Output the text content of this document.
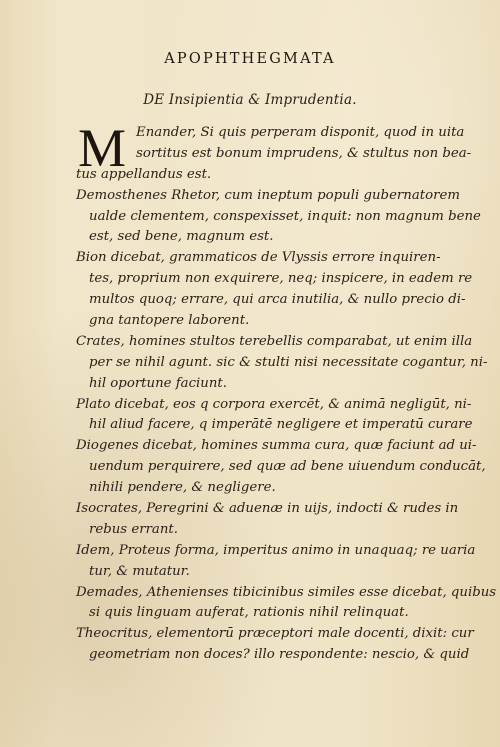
APOPHTHEGMATA
DE Insipientia & Imprudentia.
M Enander, Si quis perperam disponit, quod in uita
sortitus est bonum imprudens, & stultus non bea-
tus appellandus est.
Demosthenes Rhetor, cum ineptum populi gubernatorem
ualde clementem, conspexisset, inquit: non magnum bene
est, sed bene, magnum est.
Bion dicebat, grammaticos de Vlyssis errore inquiren-
tes, proprium non exquirere, neq; inspicere, in eadem re
multos quoq; errare, qui arca inutilia, & nullo precio di-
gna tantopere laborent.
Crates, homines stultos terebellis comparabat, ut enim illa
per se nihil agunt. sic & stulti nisi necessitate cogantur, ni-
hil oportune faciunt.
Plato dicebat, eos q corpora exercēt, & animā negligūt, ni-
hil aliud facere, q imperātē negligere et imperatū curare
Diogenes dicebat, homines summa cura, quæ faciunt ad ui-
uendum perquirere, sed quæ ad bene uiuendum conducāt,
nihili pendere, & negligere.
Isocrates, Peregrini & aduenæ in uijs, indocti & rudes in
rebus errant.
Idem, Proteus forma, imperitus animo in unaquaq; re uaria
tur, & mutatur.
Demades, Athenienses tibicinibus similes esse dicebat, quibus
si quis linguam auferat, rationis nihil relinquat.
Theocritus, elementorū præceptori male docenti, dixit: cur
geometriam non doces? illo respondente: nescio, & quid
